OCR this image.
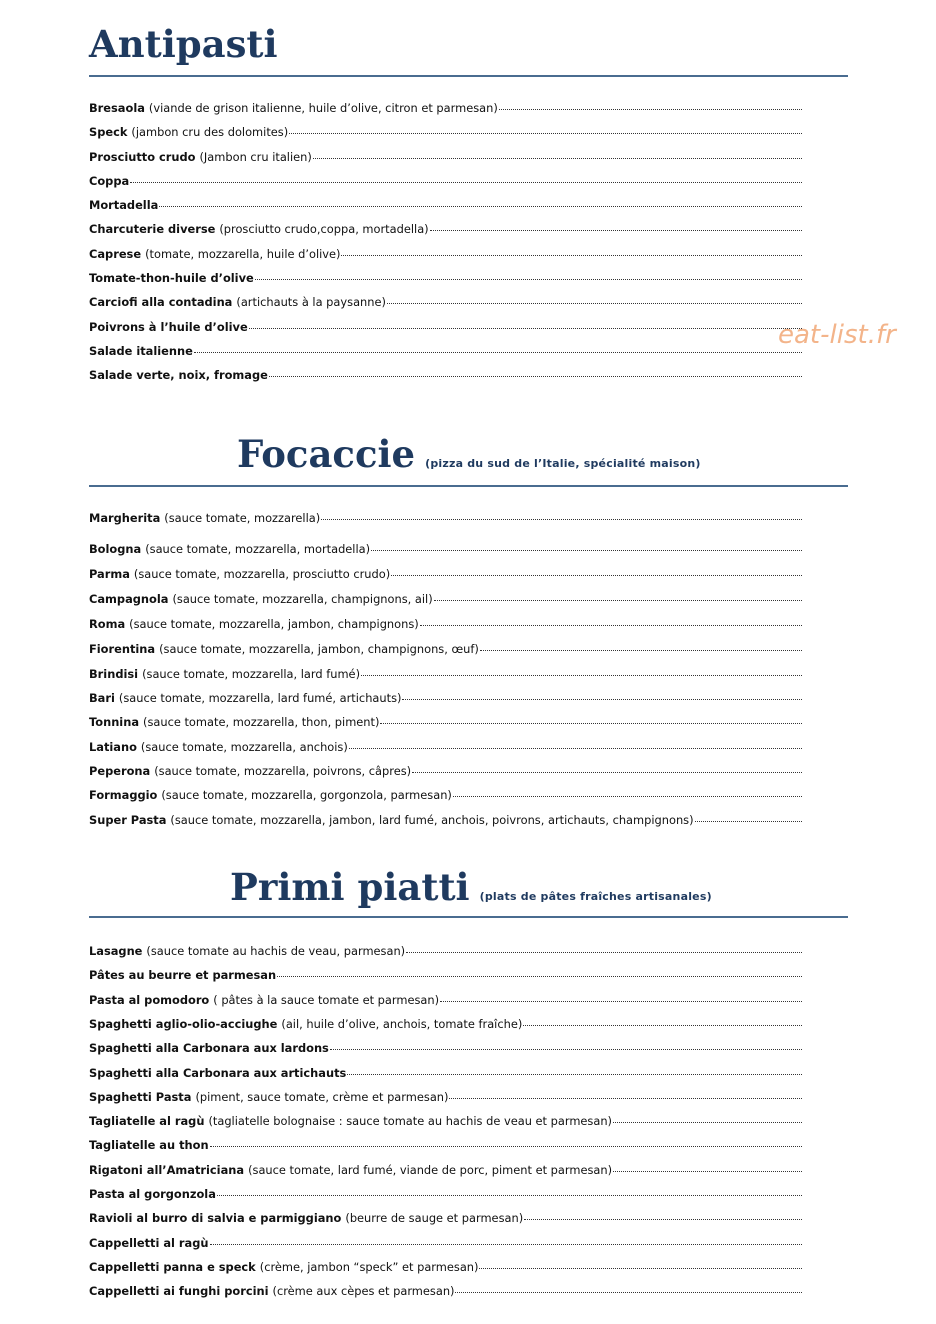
eat-list.fr
Antipasti
Bresaola (viande de grison italienne, huile d’olive, citron et parmesan)
Speck (jambon cru des dolomites)
Prosciutto crudo (Jambon cru italien)
Coppa
Mortadella
Charcuterie diverse (prosciutto crudo,coppa, mortadella)
Caprese (tomate, mozzarella, huile d’olive)
Tomate-thon-huile d’olive
Carciofi alla contadina (artichauts à la paysanne)
Poivrons à l’huile d’olive
Salade italienne
Salade verte, noix, fromage
Focaccie (pizza du sud de l’Italie, spécialité maison)
Margherita (sauce tomate, mozzarella)
Bologna (sauce tomate, mozzarella, mortadella)
Parma (sauce tomate, mozzarella, prosciutto crudo)
Campagnola (sauce tomate, mozzarella, champignons, ail)
Roma (sauce tomate, mozzarella, jambon, champignons)
Fiorentina (sauce tomate, mozzarella, jambon, champignons, œuf)
Brindisi (sauce tomate, mozzarella, lard fumé)
Bari (sauce tomate, mozzarella, lard fumé, artichauts)
Tonnina (sauce tomate, mozzarella, thon, piment)
Latiano (sauce tomate, mozzarella, anchois)
Peperona (sauce tomate, mozzarella, poivrons, câpres)
Formaggio (sauce tomate, mozzarella, gorgonzola, parmesan)
Super Pasta (sauce tomate, mozzarella, jambon, lard fumé, anchois, poivrons, artichauts, champignons)
Primi piatti (plats de pâtes fraîches artisanales)
Lasagne (sauce tomate au hachis de veau, parmesan)
Pâtes au beurre et parmesan
Pasta al pomodoro ( pâtes à la sauce tomate et parmesan)
Spaghetti aglio-olio-acciughe (ail, huile d’olive, anchois, tomate fraîche)
Spaghetti alla Carbonara aux lardons
Spaghetti alla Carbonara aux artichauts
Spaghetti Pasta (piment, sauce tomate, crème et parmesan)
Tagliatelle al ragù (tagliatelle bolognaise : sauce tomate au hachis de veau et parmesan)
Tagliatelle au thon
Rigatoni all’Amatriciana (sauce tomate, lard fumé, viande de porc, piment et parmesan)
Pasta al gorgonzola
Ravioli al burro di salvia e parmiggiano (beurre de sauge et parmesan)
Cappelletti al ragù
Cappelletti panna e speck (crème, jambon “speck” et parmesan)
Cappelletti ai funghi porcini (crème aux cèpes et parmesan)
